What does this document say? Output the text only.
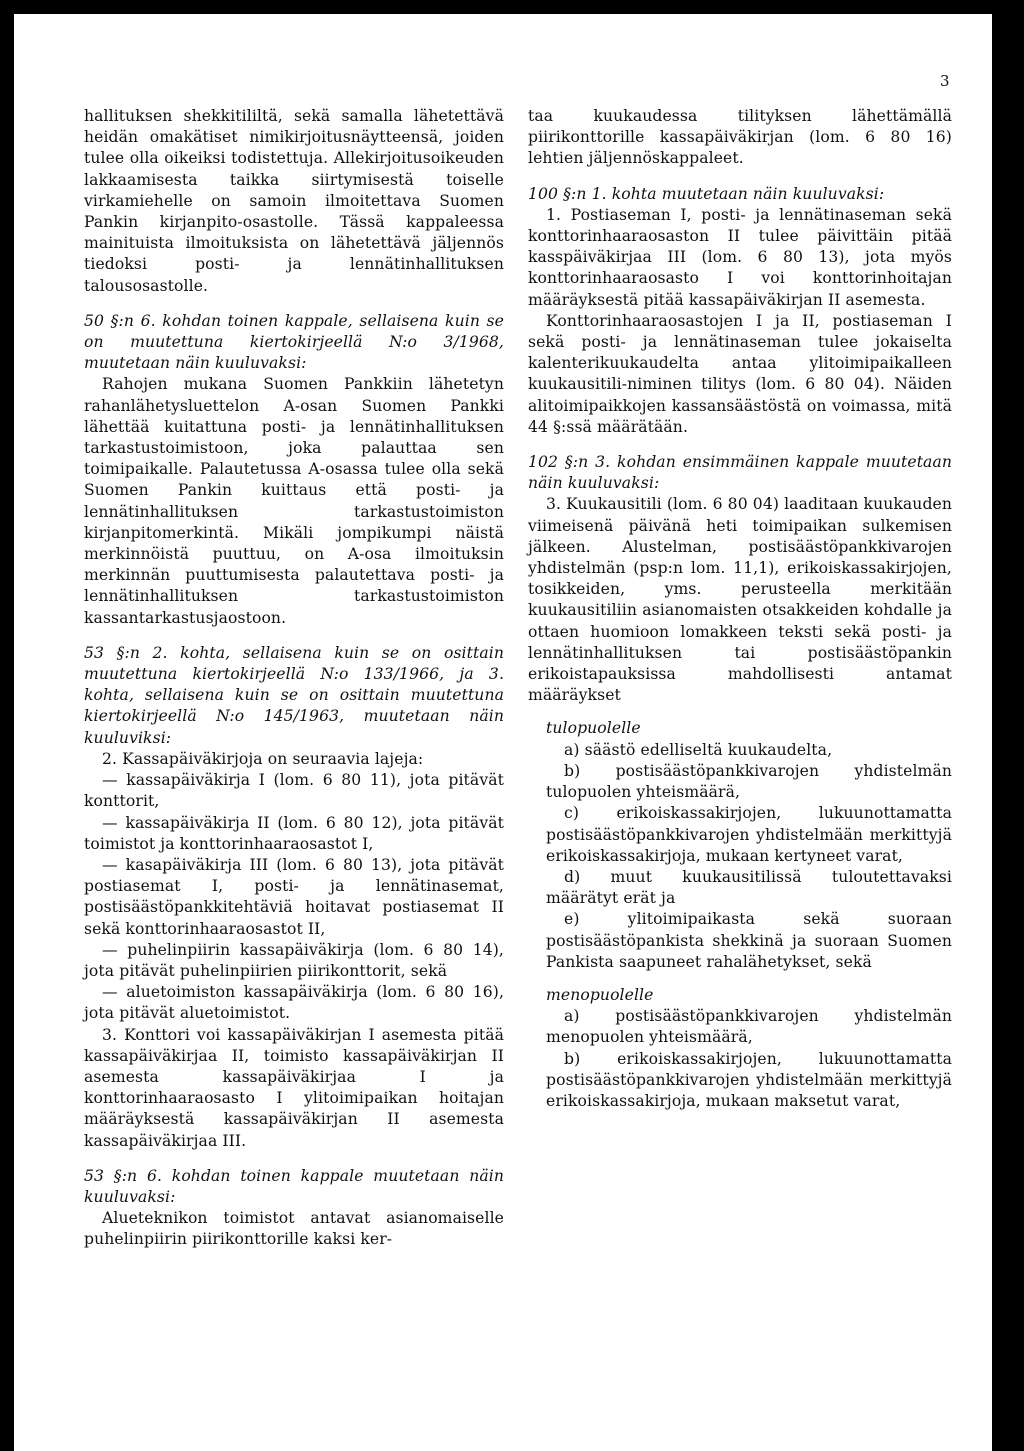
3

hallituksen shekkitililtä, sekä samalla lähetettävä heidän omakätiset nimikirjoitusnäytteensä, joiden tulee olla oikeiksi todistettuja. Allekirjoitusoikeuden lakkaamisesta taikka siirtymisestä toiselle virkamiehelle on samoin ilmoitettava Suomen Pankin kirjanpito-osastolle. Tässä kappaleessa mainituista ilmoituksista on lähetettävä jäljennös tiedoksi posti- ja lennätinhallituksen talousosastolle.

50 §:n 6. kohdan toinen kappale, sellaisena kuin se on muutettuna kiertokirjeellä N:o 3/1968, muutetaan näin kuuluvaksi:

Rahojen mukana Suomen Pankkiin lähetetyn rahanlähetysluettelon A-osan Suomen Pankki lähettää kuitattuna posti- ja lennätinhallituksen tarkastustoimistoon, joka palauttaa sen toimipaikalle. Palautetussa A-osassa tulee olla sekä Suomen Pankin kuittaus että posti- ja lennätinhallituksen tarkastustoimiston kirjanpitomerkintä. Mikäli jompikumpi näistä merkinnöistä puuttuu, on A-osa ilmoituksin merkinnän puuttumisesta palautettava posti- ja lennätinhallituksen tarkastustoimiston kassantarkastusjaostoon.

53 §:n 2. kohta, sellaisena kuin se on osittain muutettuna kiertokirjeellä N:o 133/1966, ja 3. kohta, sellaisena kuin se on osittain muutettuna kiertokirjeellä N:o 145/1963, muutetaan näin kuuluviksi:

2. Kassapäiväkirjoja on seuraavia lajeja:

— kassapäiväkirja I (lom. 6 80 11), jota pitävät konttorit,

— kassapäiväkirja II (lom. 6 80 12), jota pitävät toimistot ja konttorinhaaraosastot I,

— kasapäiväkirja III (lom. 6 80 13), jota pitävät postiasemat I, posti- ja lennätinasemat, postisäästöpankkitehtäviä hoitavat postiasemat II sekä konttorinhaaraosastot II,

— puhelinpiirin kassapäiväkirja (lom. 6 80 14), jota pitävät puhelinpiirien piirikonttorit, sekä

— aluetoimiston kassapäiväkirja (lom. 6 80 16), jota pitävät aluetoimistot.

3. Konttori voi kassapäiväkirjan I asemesta pitää kassapäiväkirjaa II, toimisto kassapäiväkirjan II asemesta kassapäiväkirjaa I ja konttorinhaaraosasto I ylitoimipaikan hoitajan määräyksestä kassapäiväkirjan II asemesta kassapäiväkirjaa III.

53 §:n 6. kohdan toinen kappale muutetaan näin kuuluvaksi:

Alueteknikon toimistot antavat asianomaiselle puhelinpiirin piirikonttorille kaksi ker-

taa kuukaudessa tilityksen lähettämällä piirikonttorille kassapäiväkirjan (lom. 6 80 16) lehtien jäljennöskappaleet.

100 §:n 1. kohta muutetaan näin kuuluvaksi:

1. Postiaseman I, posti- ja lennätinaseman sekä konttorinhaaraosaston II tulee päivittäin pitää kasspäiväkirjaa III (lom. 6 80 13), jota myös konttorinhaaraosasto I voi konttorinhoitajan määräyksestä pitää kassapäiväkirjan II asemesta.

Konttorinhaaraosastojen I ja II, postiaseman I sekä posti- ja lennätinaseman tulee jokaiselta kalenterikuukaudelta antaa ylitoimipaikalleen kuukausitili-niminen tilitys (lom. 6 80 04). Näiden alitoimipaikkojen kassansäästöstä on voimassa, mitä 44 §:ssä määrätään.

102 §:n 3. kohdan ensimmäinen kappale muutetaan näin kuuluvaksi:

3. Kuukausitili (lom. 6 80 04) laaditaan kuukauden viimeisenä päivänä heti toimipaikan sulkemisen jälkeen. Alustelman, postisäästöpankkivarojen yhdistelmän (psp:n lom. 11,1), erikoiskassakirjojen, tosikkeiden, yms. perusteella merkitään kuukausitiliin asianomaisten otsakkeiden kohdalle ja ottaen huomioon lomakkeen teksti sekä posti- ja lennätinhallituksen tai postisäästöpankin erikoistapauksissa mahdollisesti antamat määräykset

tulopuolelle

a) säästö edelliseltä kuukaudelta,

b) postisäästöpankkivarojen yhdistelmän tulopuolen yhteismäärä,

c) erikoiskassakirjojen, lukuunottamatta postisäästöpankkivarojen yhdistelmään merkittyjä erikoiskassakirjoja, mukaan kertyneet varat,

d) muut kuukausitilissä tuloutettavaksi määrätyt erät ja

e) ylitoimipaikasta sekä suoraan postisäästöpankista shekkinä ja suoraan Suomen Pankista saapuneet rahalähetykset, sekä

menopuolelle

a) postisäästöpankkivarojen yhdistelmän menopuolen yhteismäärä,

b) erikoiskassakirjojen, lukuunottamatta postisäästöpankkivarojen yhdistelmään merkittyjä erikoiskassakirjoja, mukaan maksetut varat,
